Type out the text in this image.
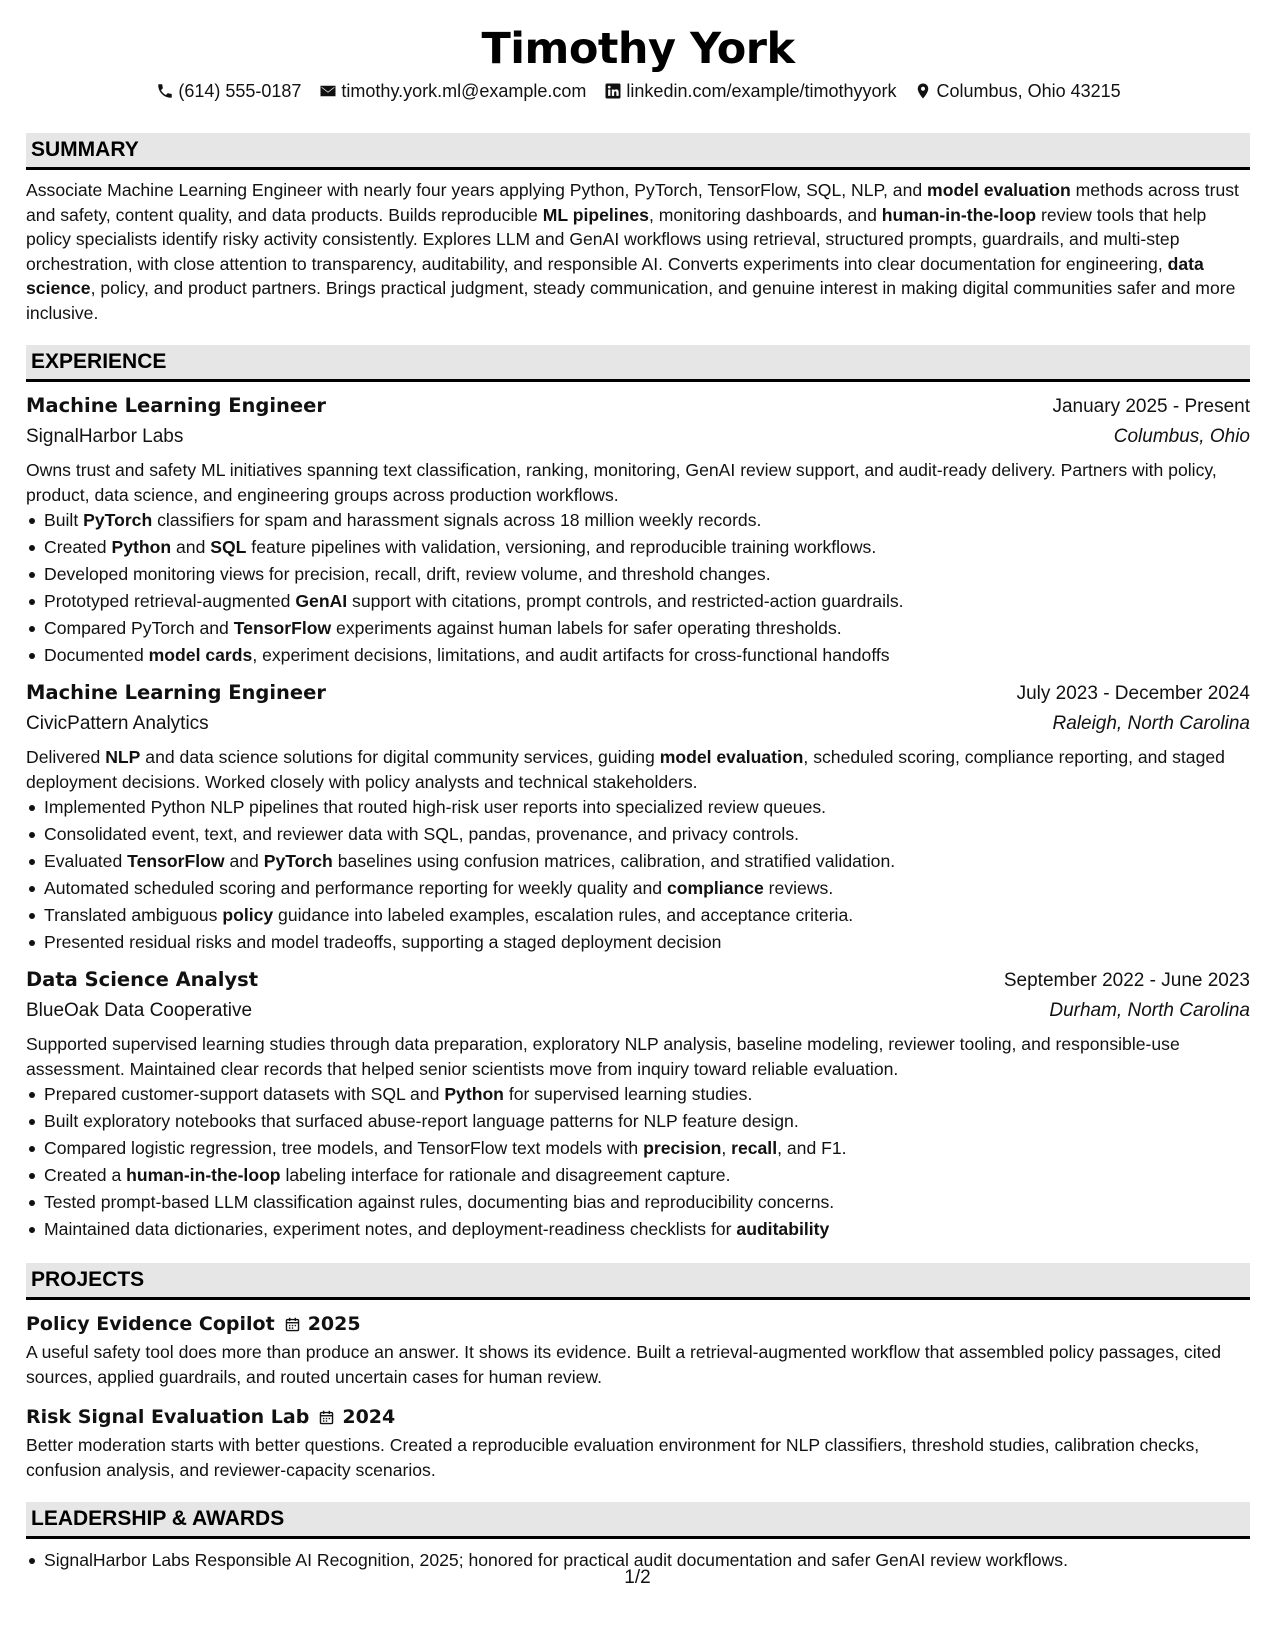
Timothy York
(614) 555-0187 timothy.york.ml@example.com linkedin.com/example/timothyyork Columbus, Ohio 43215
SUMMARY

Associate Machine Learning Engineer with nearly four years applying Python, PyTorch, TensorFlow, SQL, NLP, and model evaluation methods across trust and safety, content quality, and data products. Builds reproducible ML pipelines, monitoring dashboards, and human-in-the-loop review tools that help policy specialists identify risky activity consistently. Explores LLM and GenAI workflows using retrieval, structured prompts, guardrails, and multi-step orchestration, with close attention to transparency, auditability, and responsible AI. Converts experiments into clear documentation for engineering, data science, policy, and product partners. Brings practical judgment, steady communication, and genuine interest in making digital communities safer and more inclusive.

EXPERIENCE
Machine Learning Engineer	January 2025 - Present
SignalHarbor Labs	Columbus, Ohio

Owns trust and safety ML initiatives spanning text classification, ranking, monitoring, GenAI review support, and audit-ready delivery. Partners with policy, product, data science, and engineering groups across production workflows.

Built PyTorch classifiers for spam and harassment signals across 18 million weekly records.
Created Python and SQL feature pipelines with validation, versioning, and reproducible training workflows.
Developed monitoring views for precision, recall, drift, review volume, and threshold changes.
Prototyped retrieval-augmented GenAI support with citations, prompt controls, and restricted-action guardrails.
Compared PyTorch and TensorFlow experiments against human labels for safer operating thresholds.
Documented model cards, experiment decisions, limitations, and audit artifacts for cross-functional handoffs
Machine Learning Engineer	July 2023 - December 2024
CivicPattern Analytics	Raleigh, North Carolina

Delivered NLP and data science solutions for digital community services, guiding model evaluation, scheduled scoring, compliance reporting, and staged deployment decisions. Worked closely with policy analysts and technical stakeholders.

Implemented Python NLP pipelines that routed high-risk user reports into specialized review queues.
Consolidated event, text, and reviewer data with SQL, pandas, provenance, and privacy controls.
Evaluated TensorFlow and PyTorch baselines using confusion matrices, calibration, and stratified validation.
Automated scheduled scoring and performance reporting for weekly quality and compliance reviews.
Translated ambiguous policy guidance into labeled examples, escalation rules, and acceptance criteria.
Presented residual risks and model tradeoffs, supporting a staged deployment decision
Data Science Analyst	September 2022 - June 2023
BlueOak Data Cooperative	Durham, North Carolina

Supported supervised learning studies through data preparation, exploratory NLP analysis, baseline modeling, reviewer tooling, and responsible-use assessment. Maintained clear records that helped senior scientists move from inquiry toward reliable evaluation.

Prepared customer-support datasets with SQL and Python for supervised learning studies.
Built exploratory notebooks that surfaced abuse-report language patterns for NLP feature design.
Compared logistic regression, tree models, and TensorFlow text models with precision, recall, and F1.
Created a human-in-the-loop labeling interface for rationale and disagreement capture.
Tested prompt-based LLM classification against rules, documenting bias and reproducibility concerns.
Maintained data dictionaries, experiment notes, and deployment-readiness checklists for auditability
PROJECTS
Policy Evidence Copilot 2025

A useful safety tool does more than produce an answer. It shows its evidence. Built a retrieval-augmented workflow that assembled policy passages, cited sources, applied guardrails, and routed uncertain cases for human review.

Risk Signal Evaluation Lab 2024

Better moderation starts with better questions. Created a reproducible evaluation environment for NLP classifiers, threshold studies, calibration checks, confusion analysis, and reviewer-capacity scenarios.

LEADERSHIP & AWARDS
SignalHarbor Labs Responsible AI Recognition, 2025; honored for practical audit documentation and safer GenAI review workflows.
1/2
